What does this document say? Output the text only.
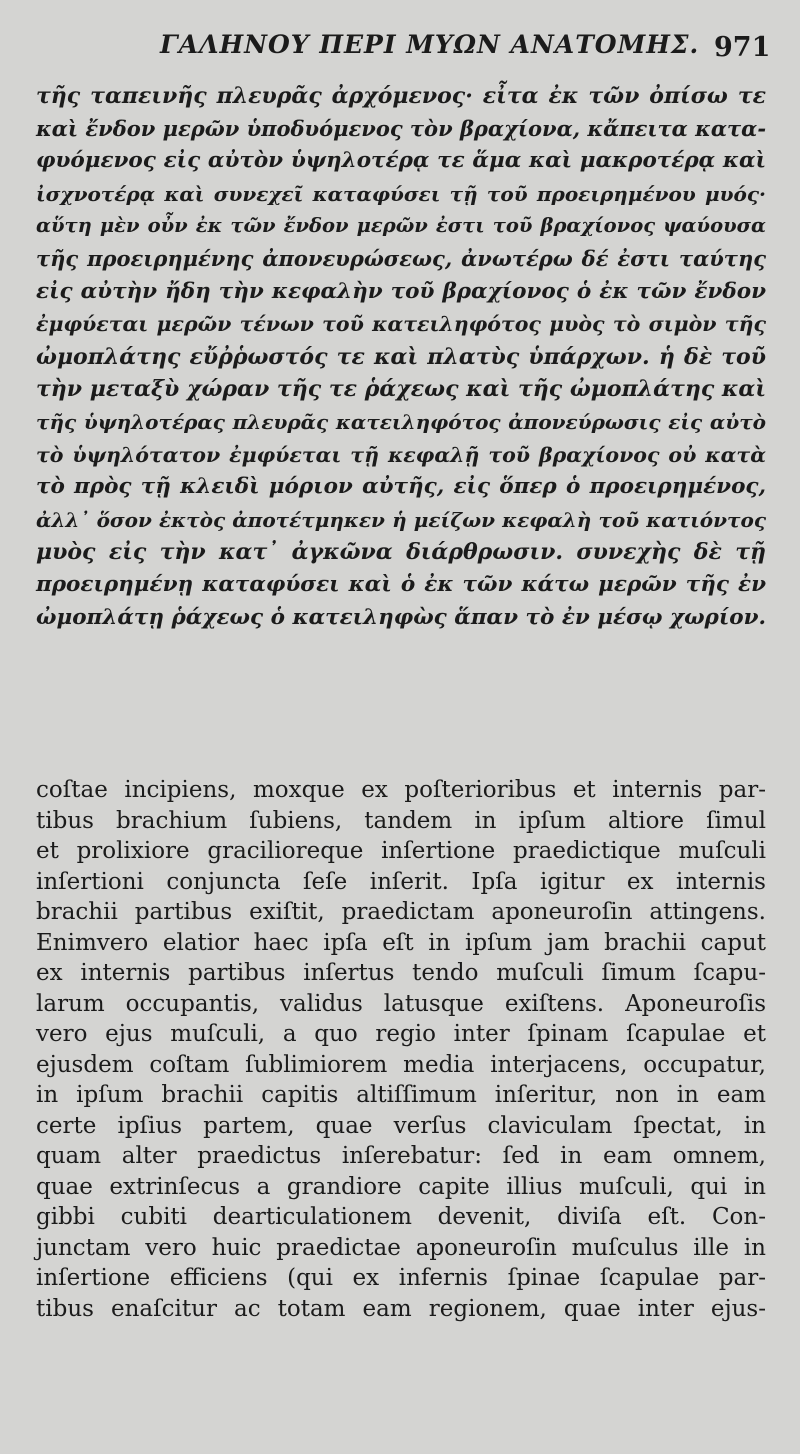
ΓΑΛΗΝΟΥ ΠΕΡΙ ΜΥΩΝ ΑΝΑΤΟΜΗΣ. 971
τῆς ταπεινῆς πλευρᾶς ἀρχόμενος· εἶτα ἐκ τῶν ὀπίσω τε
καὶ ἔνδον μερῶν ὑποδυόμενος τὸν βραχίονα, κἄπειτα κατα-
φυόμενος εἰς αὐτὸν ὑψηλοτέρᾳ τε ἅμα καὶ μακροτέρᾳ καὶ
ἰσχνοτέρᾳ καὶ συνεχεῖ καταφύσει τῇ τοῦ προειρημένου μυός·
αὕτη μὲν οὖν ἐκ τῶν ἔνδον μερῶν ἐστι τοῦ βραχίονος ψαύουσα
τῆς προειρημένης ἀπονευρώσεως, ἀνωτέρω δέ ἐστι ταύτης
εἰς αὐτὴν ἤδη τὴν κεφαλὴν τοῦ βραχίονος ὁ ἐκ τῶν ἔνδον
ἐμφύεται μερῶν τένων τοῦ κατειληφότος μυὸς τὸ σιμὸν τῆς
ὠμοπλάτης εὔῤῥωστός τε καὶ πλατὺς ὑπάρχων. ἡ δὲ τοῦ
τὴν μεταξὺ χώραν τῆς τε ῥάχεως καὶ τῆς ὠμοπλάτης καὶ
τῆς ὑψηλοτέρας πλευρᾶς κατειληφότος ἀπονεύρωσις εἰς αὐτὸ
τὸ ὑψηλότατον ἐμφύεται τῇ κεφαλῇ τοῦ βραχίονος οὐ κατὰ
τὸ πρὸς τῇ κλειδὶ μόριον αὐτῆς, εἰς ὅπερ ὁ προειρημένος,
ἀλλ᾽ ὅσον ἐκτὸς ἀποτέτμηκεν ἡ μείζων κεφαλὴ τοῦ κατιόντος
μυὸς εἰς τὴν κατ᾽ ἀγκῶνα διάρθρωσιν. συνεχὴς δὲ τῇ
προειρημένῃ καταφύσει καὶ ὁ ἐκ τῶν κάτω μερῶν τῆς ἐν
ὠμοπλάτῃ ῥάχεως ὁ κατειληφὼς ἅπαν τὸ ἐν μέσῳ χωρίον.
coſtae incipiens, moxque ex poſterioribus et internis par-
tibus brachium ſubiens, tandem in ipſum altiore ſimul
et prolixiore gracilioreque inſertione praedictique muſculi
inſertioni conjuncta ſeſe inſerit. Ipſa igitur ex internis
brachii partibus exiſtit, praedictam aponeuroſin attingens.
Enimvero elatior haec ipſa eſt in ipſum jam brachii caput
ex internis partibus inſertus tendo muſculi ſimum ſcapu-
larum occupantis, validus latusque exiſtens. Aponeuroſis
vero ejus muſculi, a quo regio inter ſpinam ſcapulae et
ejusdem coſtam ſublimiorem media interjacens, occupatur,
in ipſum brachii capitis altiſſimum inſeritur, non in eam
certe ipſius partem, quae verſus claviculam ſpectat, in
quam alter praedictus inſerebatur: ſed in eam omnem,
quae extrinſecus a grandiore capite illius muſculi, qui in
gibbi cubiti dearticulationem devenit, diviſa eſt. Con-
junctam vero huic praedictae aponeuroſin muſculus ille in
inſertione efficiens (qui ex infernis ſpinae ſcapulae par-
tibus enaſcitur ac totam eam regionem, quae inter ejus-
